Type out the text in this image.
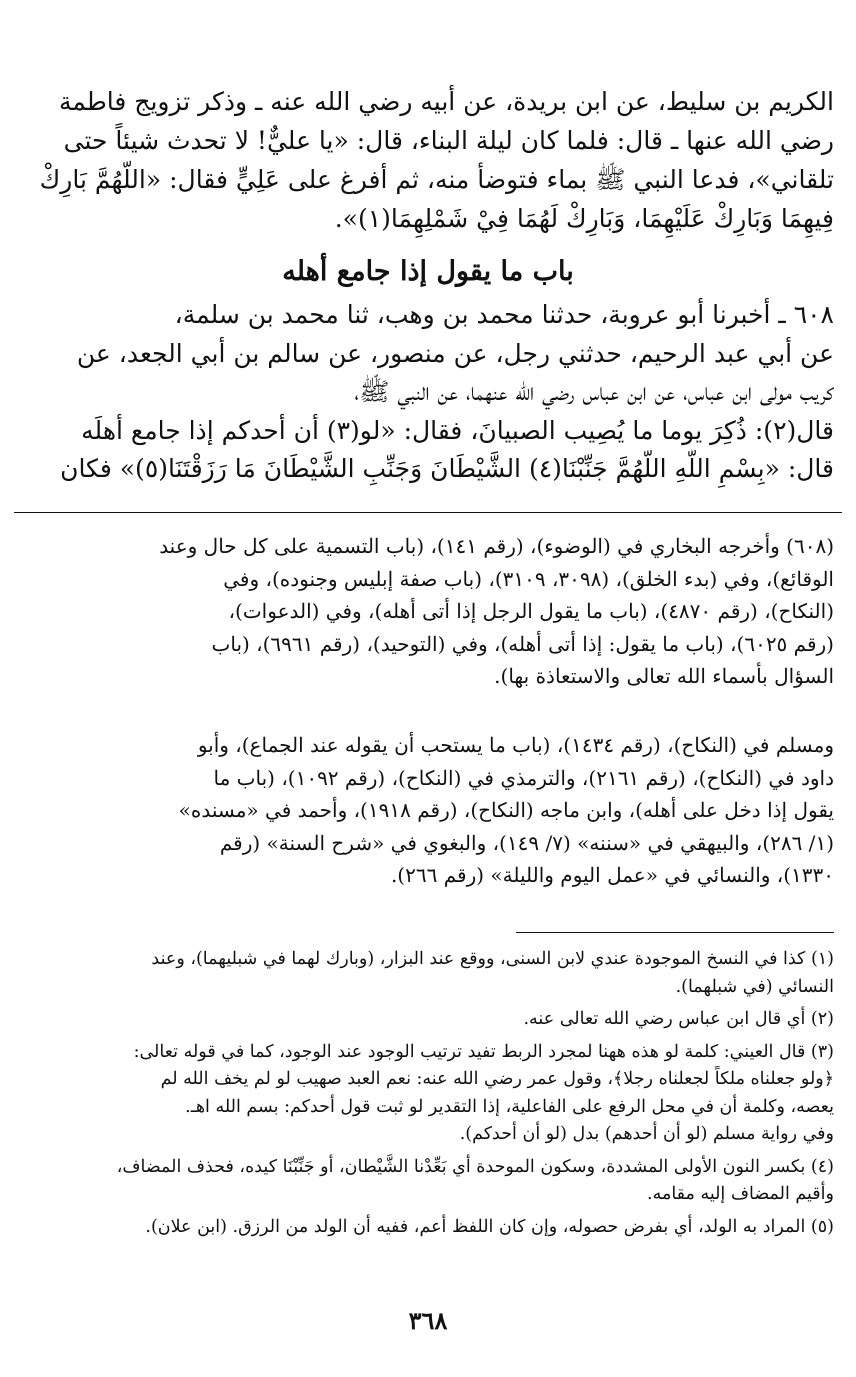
الكريم بن سليط، عن ابن بريدة، عن أبيه رضي الله عنه ـ وذكر تزويج فاطمة
رضي الله عنها ـ قال: فلما كان ليلة البناء، قال: «يا عليٌّ! لا تحدث شيئاً حتى
تلقاني»، فدعا النبي ﷺ بماء فتوضأ منه، ثم أفرغ على عَلِيٍّ فقال: «اللَّهُمَّ بَارِكْ
فِيهِمَا وَبَارِكْ عَلَيْهِمَا، وَبَارِكْ لَهُمَا فِيْ شَمْلِهِمَا(١)».
باب ما يقول إذا جامع أهله
٦٠٨ ـ أخبرنا أبو عروبة، حدثنا محمد بن وهب، ثنا محمد بن سلمة،
عن أبي عبد الرحيم، حدثني رجل، عن منصور، عن سالم بن أبي الجعد، عن
كريب مولى ابن عباس، عن ابن عباس رضي الله عنهما، عن النبي ﷺ،
قال(٢): ذُكِرَ يوما ما يُصِيب الصبيانَ، فقال: «لو(٣) أن أحدكم إذا جامع أهلَه
قال: «بِسْمِ اللَّهِ اللَّهُمَّ جَنِّبْنَا(٤) الشَّيْطَانَ وَجَنِّبِ الشَّيْطَانَ مَا رَزَقْتَنَا(٥)» فكان
(٦٠٨) وأخرجه البخاري في (الوضوء)، (رقم ١٤١)، (باب التسمية على كل حال وعند
الوقائع)، وفي (بدء الخلق)، (٣٠٩٨، ٣١٠٩)، (باب صفة إبليس وجنوده)، وفي
(النكاح)، (رقم ٤٨٧٠)، (باب ما يقول الرجل إذا أتى أهله)، وفي (الدعوات)،
(رقم ٦٠٢٥)، (باب ما يقول: إذا أتى أهله)، وفي (التوحيد)، (رقم ٦٩٦١)، (باب
السؤال بأسماء الله تعالى والاستعاذة بها).
ومسلم في (النكاح)، (رقم ١٤٣٤)، (باب ما يستحب أن يقوله عند الجماع)، وأبو
داود في (النكاح)، (رقم ٢١٦١)، والترمذي في (النكاح)، (رقم ١٠٩٢)، (باب ما
يقول إذا دخل على أهله)، وابن ماجه (النكاح)، (رقم ١٩١٨)، وأحمد في «مسنده»
(١/ ٢٨٦)، والبيهقي في «سننه» (٧/ ١٤٩)، والبغوي في «شرح السنة» (رقم
١٣٣٠)، والنسائي في «عمل اليوم والليلة» (رقم ٢٦٦).
(١) كذا في النسخ الموجودة عندي لابن السنى، ووقع عند البزار، (وبارك لهما في شبليهما)، وعند
النسائي (في شبلهما).
(٢) أي قال ابن عباس رضي الله تعالى عنه.
(٣) قال العيني: كلمة لو هذه ههنا لمجرد الربط تفيد ترتيب الوجود عند الوجود، كما في قوله تعالى:
﴿ولو جعلناه ملكاً لجعلناه رجلا﴾، وقول عمر رضي الله عنه: نعم العبد صهيب لو لم يخف الله لم
يعصه، وكلمة أن في محل الرفع على الفاعلية، إذا التقدير لو ثبت قول أحدكم: بسم الله اهـ.
وفي رواية مسلم (لو أن أحدهم) بدل (لو أن أحدكم).
(٤) بكسر النون الأولى المشددة، وسكون الموحدة أي بَعِّدْنا الشَّيْطان، أو جَنِّبْنَا كيده، فحذف المضاف،
وأقيم المضاف إليه مقامه.
(٥) المراد به الولد، أي بفرض حصوله، وإن كان اللفظ أعم، ففيه أن الولد من الرزق. (ابن علان).
٣٦٨
